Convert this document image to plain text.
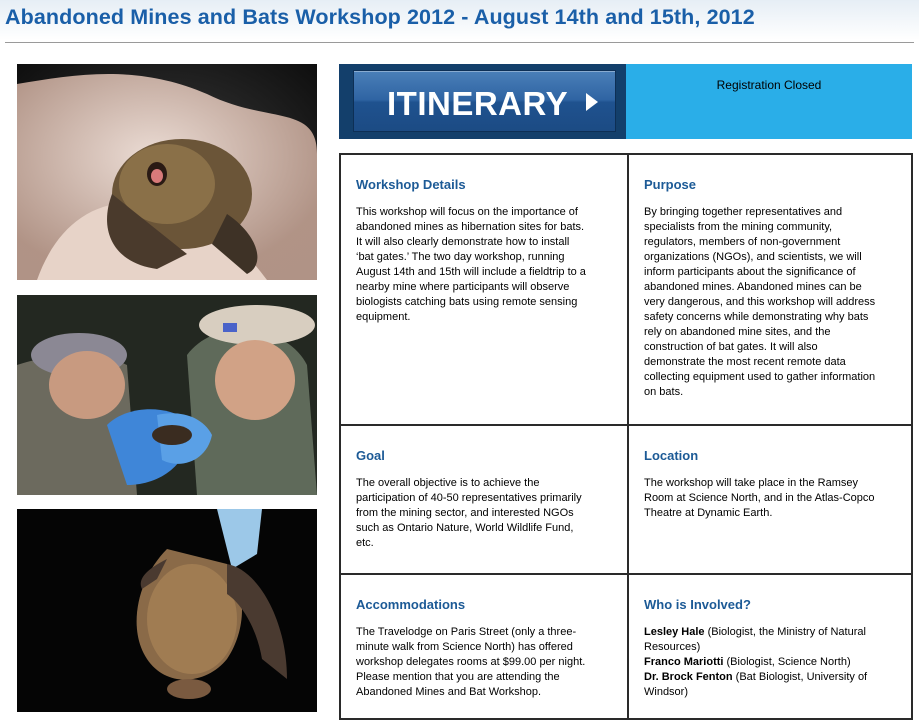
Abandoned Mines and Bats Workshop 2012 - August 14th and 15th, 2012
ITINERARY	Registration Closed
Workshop Details
This workshop will focus on the importance of
abandoned mines as hibernation sites for bats.
It will also clearly demonstrate how to install
‘bat gates.’ The two day workshop, running
August 14th and 15th will include a fieldtrip to a
nearby mine where participants will observe
biologists catching bats using remote sensing
equipment.
Purpose
By bringing together representatives and
specialists from the mining community,
regulators, members of non-government
organizations (NGOs), and scientists, we will
inform participants about the significance of
abandoned mines. Abandoned mines can be
very dangerous, and this workshop will address
safety concerns while demonstrating why bats
rely on abandoned mine sites, and the
construction of bat gates. It will also
demonstrate the most recent remote data
collecting equipment used to gather information
on bats.
Goal
The overall objective is to achieve the
participation of 40-50 representatives primarily
from the mining sector, and interested NGOs
such as Ontario Nature, World Wildlife Fund,
etc.
Location
The workshop will take place in the Ramsey
Room at Science North, and in the Atlas-Copco
Theatre at Dynamic Earth.
Accommodations
The Travelodge on Paris Street (only a three-
minute walk from Science North) has offered
workshop delegates rooms at $99.00 per night.
Please mention that you are attending the
Abandoned Mines and Bat Workshop.
Who is Involved?
Lesley Hale (Biologist, the Ministry of Natural
Resources)
Franco Mariotti (Biologist, Science North)
Dr. Brock Fenton (Bat Biologist, University of
Windsor)
